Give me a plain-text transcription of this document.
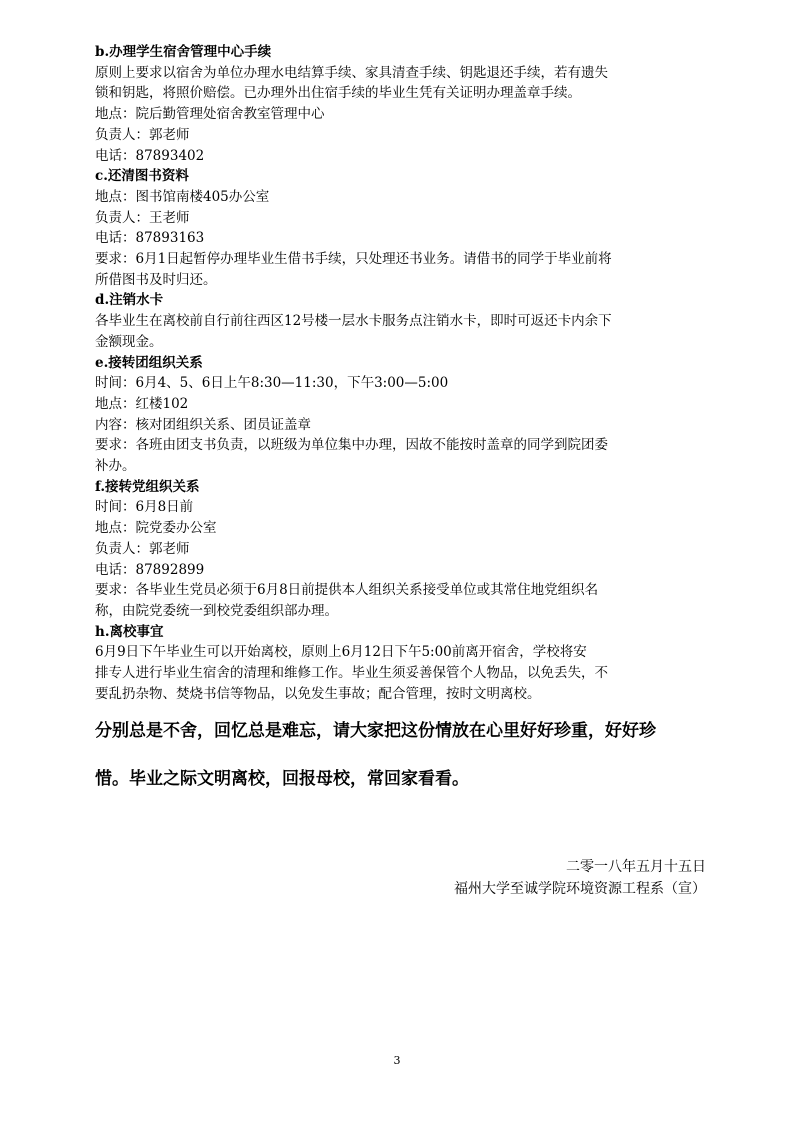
b.办理学生宿舍管理中心手续
原则上要求以宿舍为单位办理水电结算手续、家具清查手续、钥匙退还手续，若有遗失
锁和钥匙，将照价赔偿。已办理外出住宿手续的毕业生凭有关证明办理盖章手续。
地点：院后勤管理处宿舍教室管理中心
负责人：郭老师
电话：87893402
c.还清图书资料
地点：图书馆南楼405办公室
负责人：王老师
电话：87893163
要求：6月1日起暂停办理毕业生借书手续，只处理还书业务。请借书的同学于毕业前将
所借图书及时归还。
d.注销水卡
各毕业生在离校前自行前往西区12号楼一层水卡服务点注销水卡，即时可返还卡内余下
金额现金。
e.接转团组织关系
时间：6月4、5、6日上午8:30—11:30，下午3:00—5:00
地点：红楼102
内容：核对团组织关系、团员证盖章
要求：各班由团支书负责，以班级为单位集中办理，因故不能按时盖章的同学到院团委
补办。
f.接转党组织关系
时间：6月8日前
地点：院党委办公室
负责人：郭老师
电话：87892899
要求：各毕业生党员必须于6月8日前提供本人组织关系接受单位或其常住地党组织名
称，由院党委统一到校党委组织部办理。
h.离校事宜
6月9日下午毕业生可以开始离校，原则上6月12日下午5:00前离开宿舍，学校将安
排专人进行毕业生宿舍的清理和维修工作。毕业生须妥善保管个人物品，以免丢失，不
要乱扔杂物、焚烧书信等物品，以免发生事故；配合管理，按时文明离校。
分别总是不舍，回忆总是难忘，请大家把这份情放在心里好好珍重，好好珍
惜。毕业之际文明离校，回报母校，常回家看看。
二零一八年五月十五日
福州大学至诚学院环境资源工程系（宣）
3
